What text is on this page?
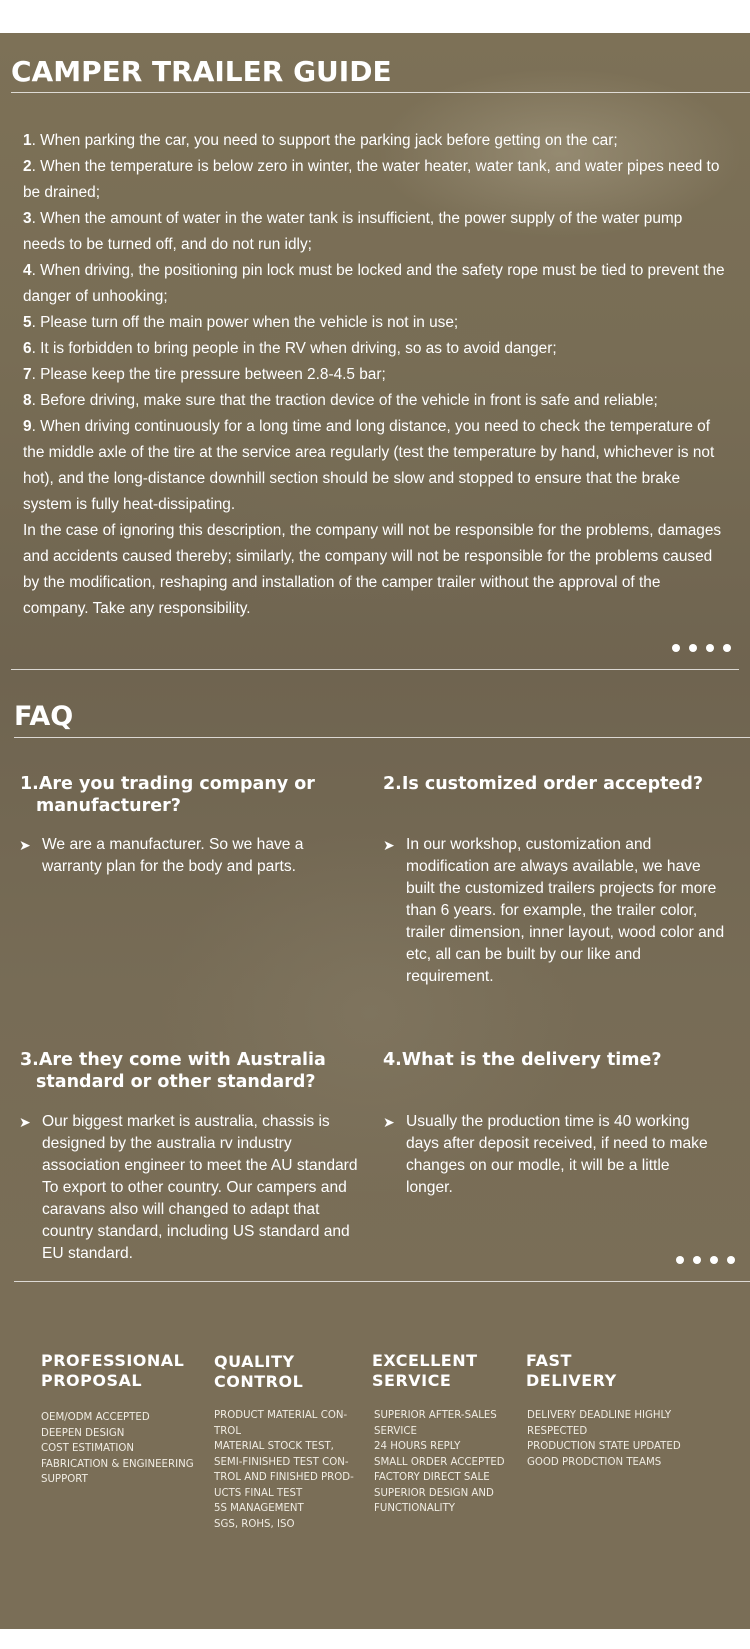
CAMPER TRAILER GUIDE

1. When parking the car, you need to support the parking jack before getting on the car;

2. When the temperature is below zero in winter, the water heater, water tank, and water pipes need to be drained;

3. When the amount of water in the water tank is insufficient, the power supply of the water pump needs to be turned off, and do not run idly;

4. When driving, the positioning pin lock must be locked and the safety rope must be tied to prevent the danger of unhooking;

5. Please turn off the main power when the vehicle is not in use;

6. It is forbidden to bring people in the RV when driving, so as to avoid danger;

7. Please keep the tire pressure between 2.8-4.5 bar;

8. Before driving, make sure that the traction device of the vehicle in front is safe and reliable;

9. When driving continuously for a long time and long distance, you need to check the temperature of the middle axle of the tire at the service area regularly (test the temperature by hand, whichever is not hot), and the long-distance downhill section should be slow and stopped to ensure that the brake system is fully heat-dissipating.

In the case of ignoring this description, the company will not be responsible for the problems, damages and accidents caused thereby; similarly, the company will not be responsible for the problems caused by the modification, reshaping and installation of the camper trailer without the approval of the company. Take any responsibility.

FAQ
1.Are you trading company or
manufacturer?
➤ We are a manufacturer. So we have a warranty plan for the body and parts.
2.Is customized order accepted?
➤ In our workshop, customization and modification are always available, we have built the customized trailers projects for more than 6 years. for example, the trailer color, trailer dimension, inner layout, wood color and etc, all can be built by our like and requirement.
3.Are they come with Australia
standard or other standard?
➤ Our biggest market is australia, chassis is designed by the australia rv industry association engineer to meet the AU standard To export to other country. Our campers and caravans also will changed to adapt that country standard, including US standard and EU standard.
4.What is the delivery time?
➤ Usually the production time is 40 working days after deposit received, if need to make changes on our modle, it will be a little longer.
PROFESSIONAL
PROPOSAL
OEM/ODM ACCEPTED
DEEPEN DESIGN
COST ESTIMATION
FABRICATION & ENGINEERING
SUPPORT
QUALITY
CONTROL
PRODUCT MATERIAL CON-
TROL
MATERIAL STOCK TEST,
SEMI-FINISHED TEST CON-
TROL AND FINISHED PROD-
UCTS FINAL TEST
5S MANAGEMENT
SGS, ROHS, ISO
EXCELLENT
SERVICE
SUPERIOR AFTER-SALES
SERVICE
24 HOURS REPLY
SMALL ORDER ACCEPTED
FACTORY DIRECT SALE
SUPERIOR DESIGN AND
FUNCTIONALITY
FAST
DELIVERY
DELIVERY DEADLINE HIGHLY
RESPECTED
PRODUCTION STATE UPDATED
GOOD PRODCTION TEAMS
